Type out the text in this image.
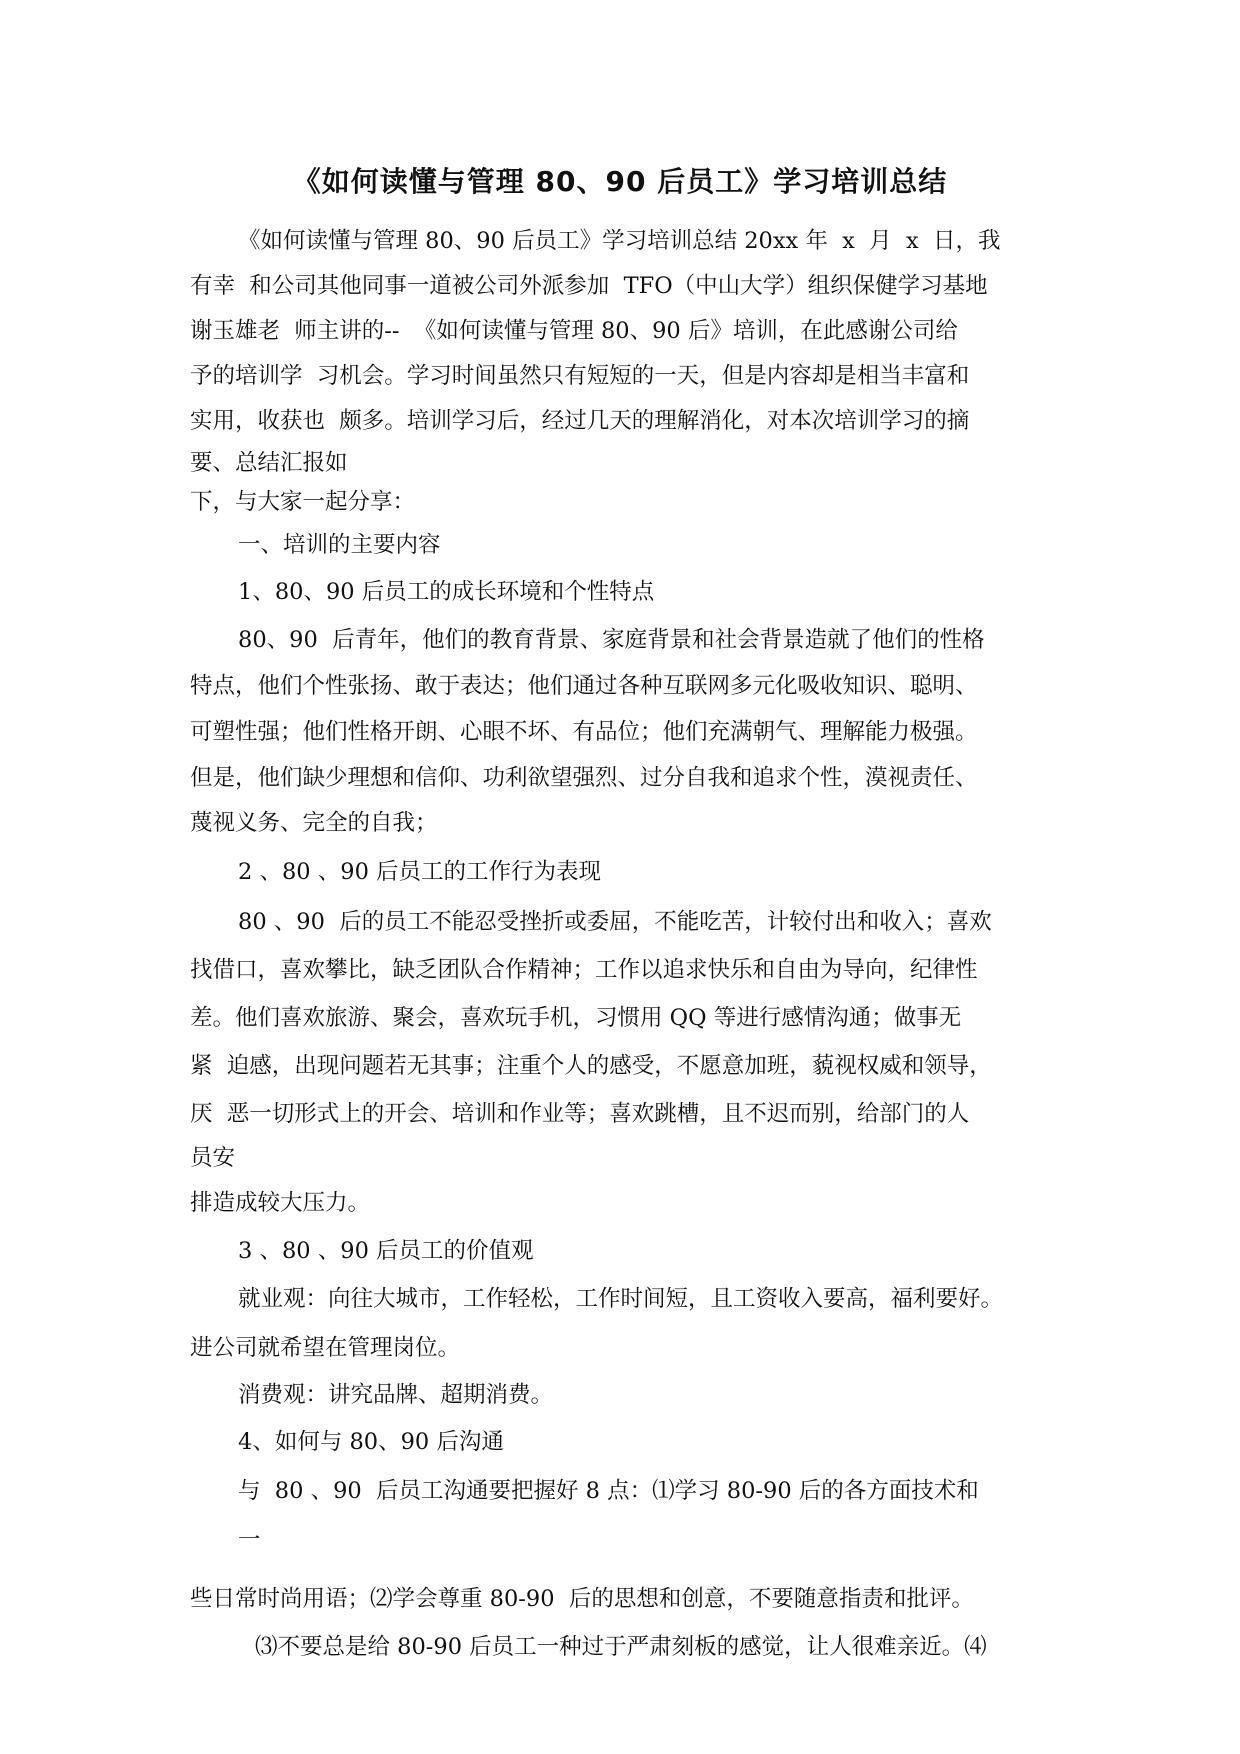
《如何读懂与管理 80、90 后员工》学习培训总结
《如何读懂与管理 80、90 后员工》学习培训总结 20xx 年  x  月  x  日，我
有幸  和公司其他同事一道被公司外派参加  TFO（中山大学）组织保健学习基地
谢玉雄老  师主讲的--  《如何读懂与管理 80、90 后》培训，在此感谢公司给
予的培训学  习机会。学习时间虽然只有短短的一天，但是内容却是相当丰富和
实用，收获也  颇多。培训学习后，经过几天的理解消化，对本次培训学习的摘
要、总结汇报如
下，与大家一起分享：
一、培训的主要内容
1、80、90 后员工的成长环境和个性特点
80、90  后青年，他们的教育背景、家庭背景和社会背景造就了他们的性格
特点，他们个性张扬、敢于表达；他们通过各种互联网多元化吸收知识、聪明、
可塑性强；他们性格开朗、心眼不坏、有品位；他们充满朝气、理解能力极强。
但是，他们缺少理想和信仰、功利欲望强烈、过分自我和追求个性，漠视责任、
蔑视义务、完全的自我；
2 、80 、90 后员工的工作行为表现
80 、90  后的员工不能忍受挫折或委屈，不能吃苦，计较付出和收入；喜欢
找借口，喜欢攀比，缺乏团队合作精神；工作以追求快乐和自由为导向，纪律性
差。他们喜欢旅游、聚会，喜欢玩手机，习惯用 QQ 等进行感情沟通；做事无
紧  迫感，出现问题若无其事；注重个人的感受，不愿意加班，藐视权威和领导，
厌  恶一切形式上的开会、培训和作业等；喜欢跳槽，且不迟而别，给部门的人
员安
排造成较大压力。
3 、80 、90 后员工的价值观
就业观：向往大城市，工作轻松，工作时间短，且工资收入要高，福利要好。
进公司就希望在管理岗位。
消费观：讲究品牌、超期消费。
4、如何与 80、90 后沟通
与  80 、90  后员工沟通要把握好 8 点：⑴学习 80-90 后的各方面技术和
一
些日常时尚用语；⑵学会尊重 80-90  后的思想和创意，不要随意指责和批评。
⑶不要总是给 80-90 后员工一种过于严肃刻板的感觉，让人很难亲近。⑷
